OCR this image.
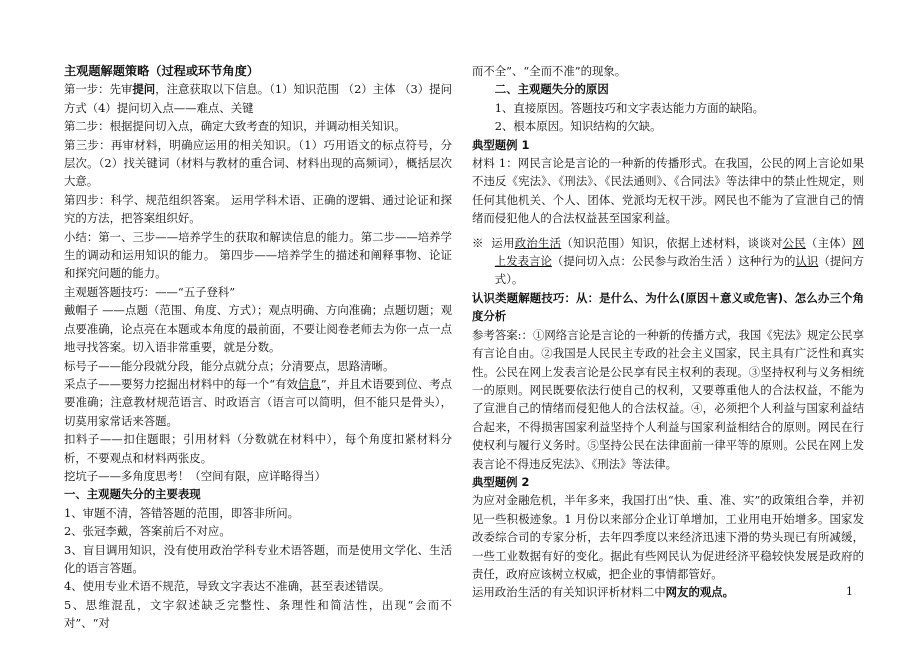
主观题解题策略（过程或环节角度）

第一步：先审提问，注意获取以下信息。（1）知识范围 （2）主体 （3）提问方式（4）提问切入点——难点、关键

第二步：根据提问切入点，确定大致考查的知识，并调动相关知识。

第三步：再审材料，明确应运用的相关知识。（1）巧用语文的标点符号，分层次。（2）找关键词（材料与教材的重合词、材料出现的高频词），概括层次大意。

第四步：科学、规范组织答案。 运用学科术语、正确的逻辑、通过论证和探究的方法，把答案组织好。

小结：第一、三步——培养学生的获取和解读信息的能力。第二步——培养学生的调动和运用知识的能力。 第四步——培养学生的描述和阐释事物、论证和探究问题的能力。

主观题答题技巧：——“五子登科”

戴帽子 ——点题（范围、角度、方式）；观点明确、方向准确；点题切题；观点要准确，论点亮在本题或本角度的最前面，不要让阅卷老师去为你一点一点地寻找答案。切入语非常重要，就是分数。

标号子——能分段就分段，能分点就分点；分清要点，思路清晰。

采点子——要努力挖掘出材料中的每一个“有效信息”，并且术语要到位、考点要准确；注意教材规范语言、时政语言（语言可以简明，但不能只是骨头），切莫用家常话来答题。

扣料子——扣住题眼；引用材料（分数就在材料中），每个角度扣紧材料分析，不要观点和材料两张皮。

挖坑子——多角度思考！（空间有限，应详略得当）

一、主观题失分的主要表现

1、审题不清，答错答题的范围，即答非所问。

2、张冠李戴，答案前后不对应。

3、盲目调用知识，没有使用政治学科专业术语答题，而是使用文学化、生活化的语言答题。

4、使用专业术语不规范，导致文字表达不准确，甚至表述错误。

5、思维混乱，文字叙述缺乏完整性、条理性和简洁性，出现“会而不对”、“对

而不全”、“全而不准”的现象。

二、主观题失分的原因

1、直接原因。答题技巧和文字表达能力方面的缺陷。

2、根本原因。知识结构的欠缺。

典型题例 1

材料 1：网民言论是言论的一种新的传播形式。在我国，公民的网上言论如果不违反《宪法》、《刑法》、《民法通则》、《合同法》等法律中的禁止性规定，则任何其他机关、个人、团体、党派均无权干涉。网民也不能为了宣泄自己的情绪而侵犯他人的合法权益甚至国家利益。

※ 运用政治生活（知识范围）知识，依据上述材料，谈谈对公民（主体）网上发表言论（提问切入点：公民参与政治生活 ）这种行为的认识（提问方式）。

认识类题解题技巧：从：是什么、为什么(原因＋意义或危害)、怎么办三个角度分析

参考答案:：①网络言论是言论的一种新的传播方式，我国《宪法》规定公民享有言论自由。②我国是人民民主专政的社会主义国家，民主具有广泛性和真实性。公民在网上发表言论是公民享有民主权利的表现。③坚持权利与义务相统一的原则。网民既要依法行使自己的权利，又要尊重他人的合法权益，不能为了宣泄自己的情绪而侵犯他人的合法权益。④，必须把个人利益与国家利益结合起来，不得损害国家利益坚持个人利益与国家利益相结合的原则。网民在行使权利与履行义务时。⑤坚持公民在法律面前一律平等的原则。公民在网上发表言论不得违反宪法》、《刑法》等法律。

典型题例 2

为应对金融危机，半年多来，我国打出“快、重、准、实”的政策组合拳，并初见一些积极迹象。1 月份以来部分企业订单增加，工业用电开始增多。国家发改委综合司的专家分析，去年四季度以来经济迅速下滑的势头现已有所减缓，一些工业数据有好的变化。据此有些网民认为促进经济平稳较快发展是政府的责任，政府应该树立权威，把企业的事情都管好。

运用政治生活的有关知识评析材料二中网友的观点。	1
